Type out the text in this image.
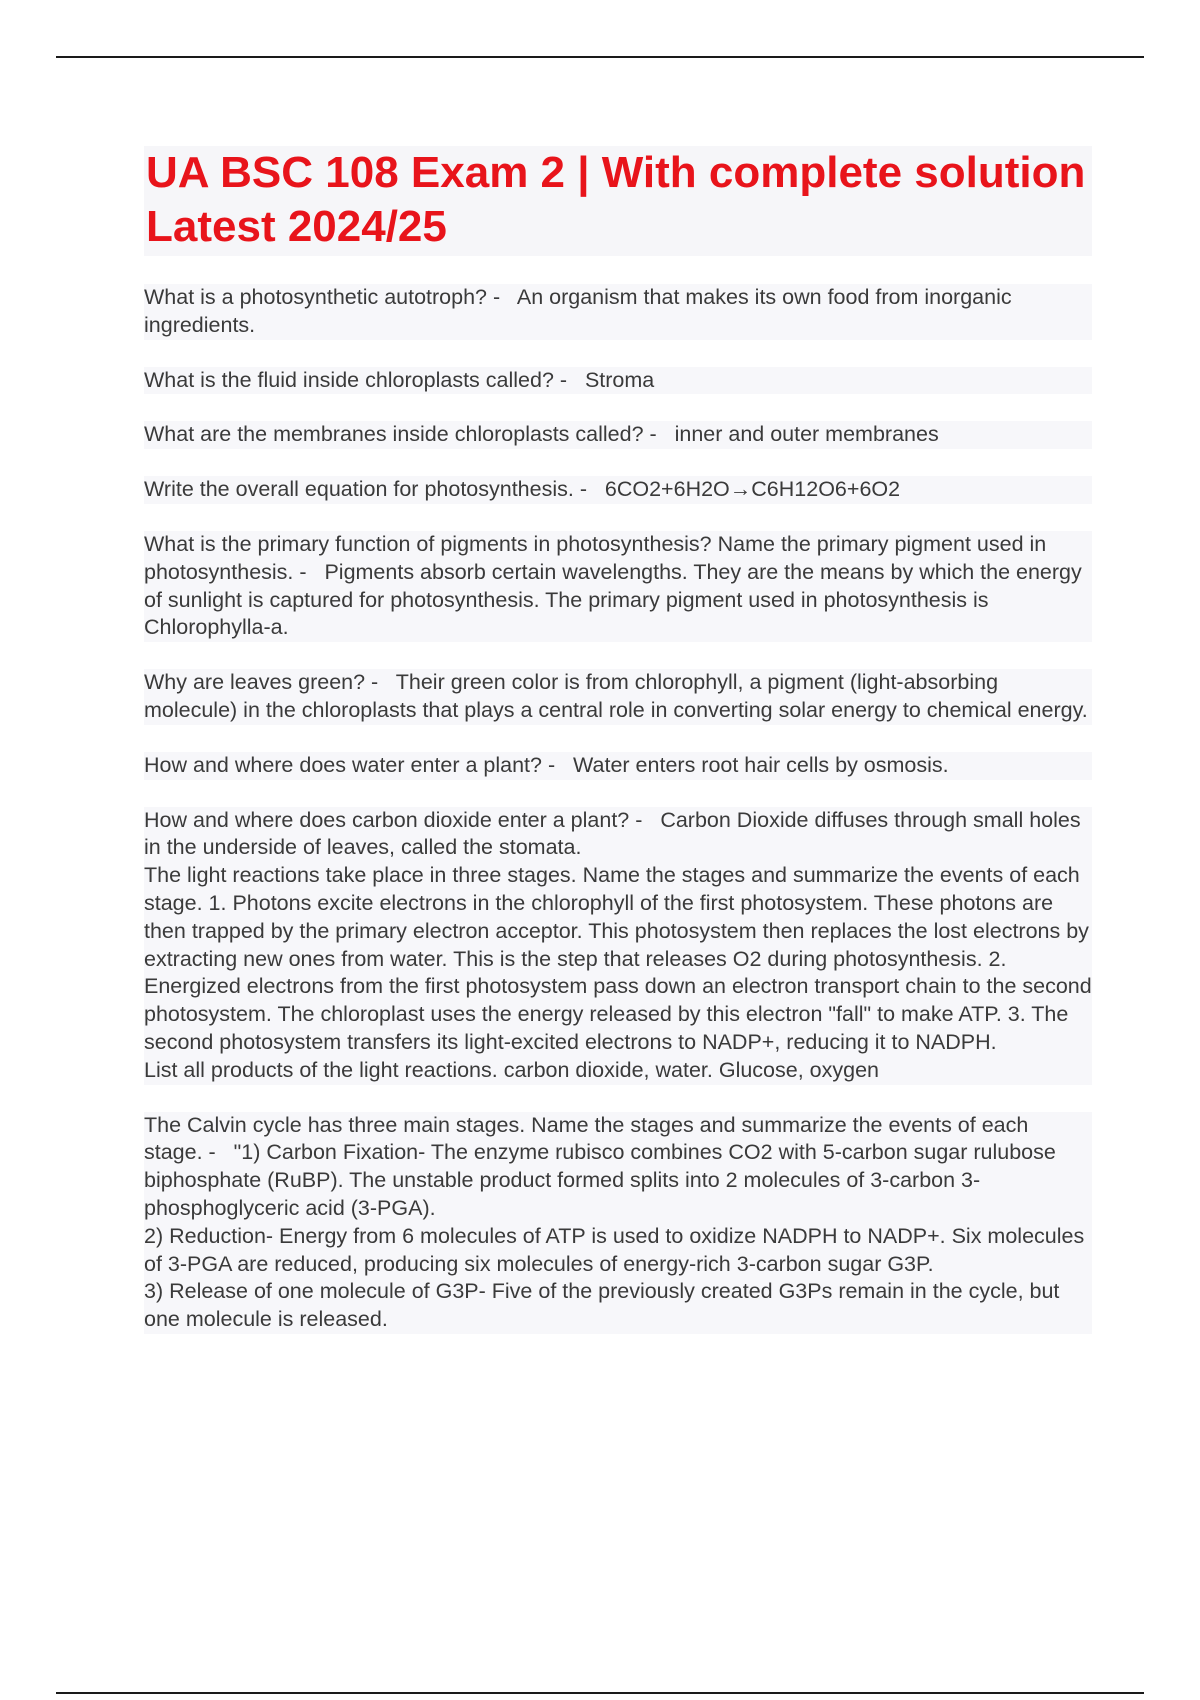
UA BSC 108 Exam 2 | With complete solution Latest 2024/25

What is a photosynthetic autotroph? -   An organism that makes its own food from inorganic ingredients.

What is the fluid inside chloroplasts called? -   Stroma

What are the membranes inside chloroplasts called? -   inner and outer membranes

Write the overall equation for photosynthesis. -   6CO2+6H2O→C6H12O6+6O2

What is the primary function of pigments in photosynthesis? Name the primary pigment used in photosynthesis. -   Pigments absorb certain wavelengths. They are the means by which the energy of sunlight is captured for photosynthesis. The primary pigment used in photosynthesis is Chlorophylla-a.

Why are leaves green? -   Their green color is from chlorophyll, a pigment (light-absorbing molecule) in the chloroplasts that plays a central role in converting solar energy to chemical energy.

How and where does water enter a plant? -   Water enters root hair cells by osmosis.

How and where does carbon dioxide enter a plant? -   Carbon Dioxide diffuses through small holes in the underside of leaves, called the stomata.

The light reactions take place in three stages. Name the stages and summarize the events of each stage. 1. Photons excite electrons in the chlorophyll of the first photosystem. These photons are then trapped by the primary electron acceptor. This photosystem then replaces the lost electrons by extracting new ones from water. This is the step that releases O2 during photosynthesis. 2. Energized electrons from the first photosystem pass down an electron transport chain to the second photosystem. The chloroplast uses the energy released by this electron "fall" to make ATP. 3. The second photosystem transfers its light-excited electrons to NADP+, reducing it to NADPH.

List all products of the light reactions. carbon dioxide, water. Glucose, oxygen

The Calvin cycle has three main stages. Name the stages and summarize the events of each stage. -   "1) Carbon Fixation- The enzyme rubisco combines CO2 with 5-carbon sugar rulubose biphosphate (RuBP). The unstable product formed splits into 2 molecules of 3-carbon 3-phosphoglyceric acid (3-PGA).
2) Reduction- Energy from 6 molecules of ATP is used to oxidize NADPH to NADP+. Six molecules of 3-PGA are reduced, producing six molecules of energy-rich 3-carbon sugar G3P.
3) Release of one molecule of G3P- Five of the previously created G3Ps remain in the cycle, but one molecule is released.
